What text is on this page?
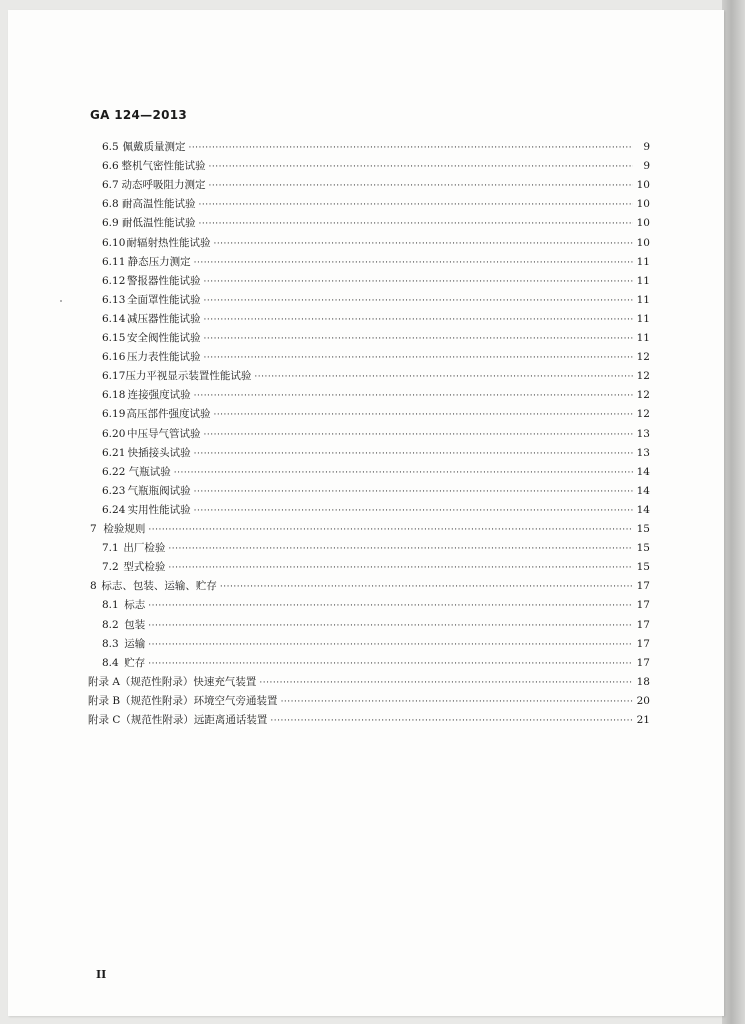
GA 124—2013
6.5 佩戴质量测定 ·····	9
6.6 整机气密性能试验 ·····	9
6.7 动态呼吸阻力测定 ·····	10
6.8 耐高温性能试验 ·····	10
6.9 耐低温性能试验 ·····	10
6.10 耐辐射热性能试验 ·····	10
6.11 静态压力测定 ·····	11
6.12 警报器性能试验 ·····	11
6.13 全面罩性能试验 ·····	11
6.14 减压器性能试验 ·····	11
6.15 安全阀性能试验 ·····	11
6.16 压力表性能试验 ·····	12
6.17 压力平视显示装置性能试验 ·····	12
6.18 连接强度试验 ·····	12
6.19 高压部件强度试验 ·····	12
6.20 中压导气管试验 ·····	13
6.21 快插接头试验 ·····	13
6.22 气瓶试验 ·····	14
6.23 气瓶瓶阀试验 ·····	14
6.24 实用性能试验 ·····	14
7 检验规则 ·····	15
7.1 出厂检验 ·····	15
7.2 型式检验 ·····	15
8 标志、包装、运输、贮存 ·····	17
8.1 标志 ·····	17
8.2 包装 ·····	17
8.3 运输 ·····	17
8.4 贮存 ·····	17
附录 A（规范性附录） 快速充气装置 ·····	18
附录 B（规范性附录） 环境空气旁通装置 ·····	20
附录 C（规范性附录） 远距离通话装置 ·····	21
II
